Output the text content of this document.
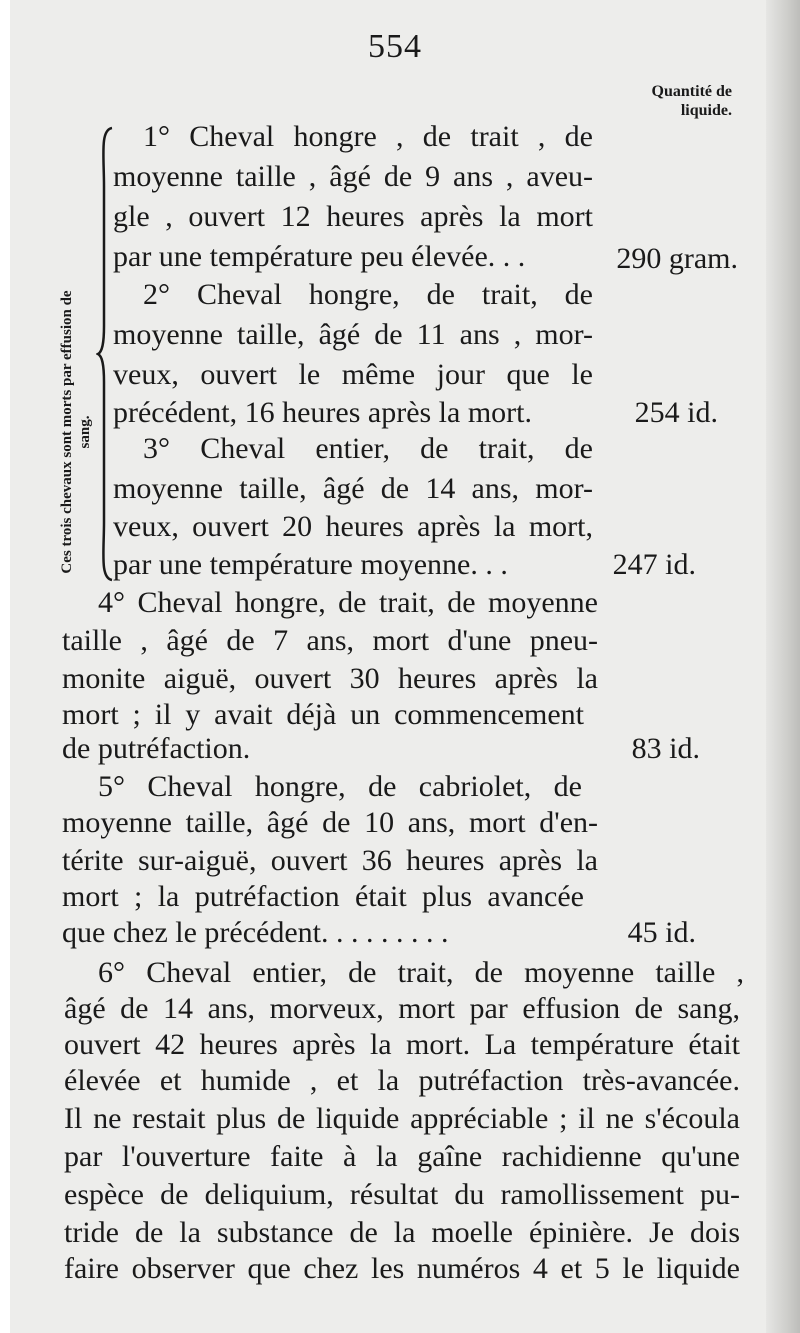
554
Quantité de liquide.
Ces trois chevaux sont morts par effusion de sang.
1° Cheval hongre , de trait , de
moyenne taille , âgé de 9 ans , aveu-
gle , ouvert 12 heures après la mort
par une température peu élevée. . .	290 gram.
2° Cheval hongre, de trait, de
moyenne taille, âgé de 11 ans , mor-
veux, ouvert le même jour que le
précédent, 16 heures après la mort.	254 id.
3° Cheval entier, de trait, de
moyenne taille, âgé de 14 ans, mor-
veux, ouvert 20 heures après la mort,
par une température moyenne. . .	247 id.
4° Cheval hongre, de trait, de moyenne
taille , âgé de 7 ans, mort d'une pneu-
monite aiguë, ouvert 30 heures après la
mort ; il y avait déjà un commencement
de putréfaction.	83 id.
5° Cheval hongre, de cabriolet, de
moyenne taille, âgé de 10 ans, mort d'en-
térite sur-aiguë, ouvert 36 heures après la
mort ; la putréfaction était plus avancée
que chez le précédent. . . . . . . . .	45 id.
6° Cheval entier, de trait, de moyenne taille ,
âgé de 14 ans, morveux, mort par effusion de sang,
ouvert 42 heures après la mort. La température était
élevée et humide , et la putréfaction très-avancée.
Il ne restait plus de liquide appréciable ; il ne s'écoula
par l'ouverture faite à la gaîne rachidienne qu'une
espèce de deliquium, résultat du ramollissement pu-
tride de la substance de la moelle épinière. Je dois
faire observer que chez les numéros 4 et 5 le liquide
